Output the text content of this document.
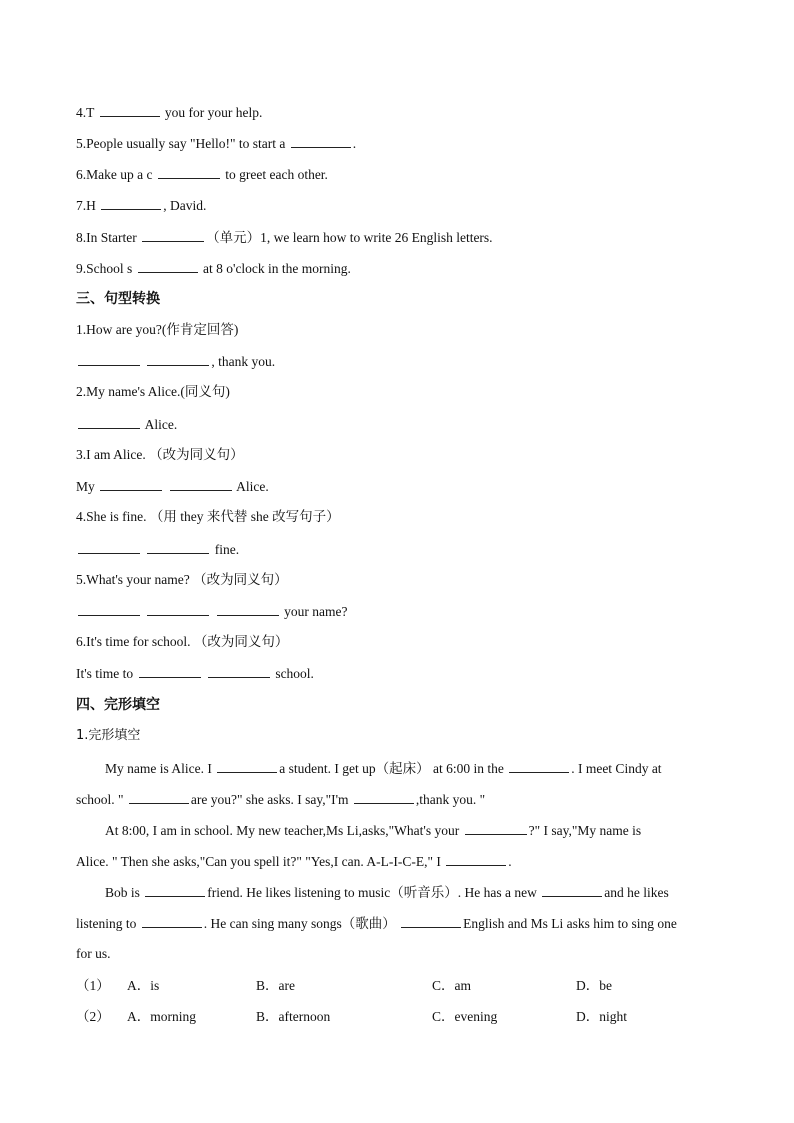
4.T	you for your help.
5.People usually say "Hello!" to start a	.
6.Make up a c	to greet each other.
7.H	, David.
8.In Starter	（单元）1, we learn how to write 26 English letters.
9.School s	at 8 o'clock in the morning.
三、句型转换
1.How are you?(作肯定回答)
, thank you.
2.My name's Alice.(同义句)
Alice.
3.I am Alice. （改为同义句）
My	Alice.
4.She is fine. （用 they 来代替 she 改写句子）
fine.
5.What's your name? （改为同义句）
your name?
6.It's time for school. （改为同义句）
It's time to	school.
四、完形填空
1.完形填空
My name is Alice. I	a student. I get up（起床） at 6:00 in the	. I meet Cindy at
school. "	are you?" she asks. I say,"I'm	,thank you. "
At 8:00, I am in school. My new teacher,Ms Li,asks,"What's your	?" I say,"My name is
Alice. " Then she asks,"Can you spell it?" "Yes,I can. A-L-I-C-E," I	.
Bob is	friend. He likes listening to music（听音乐）. He has a new	and he likes
listening to	. He can sing many songs（歌曲）	English and Ms Li asks him to sing one
for us.
（1） A．is	B．are	C．am	D．be
（2） A．morning	B．afternoon	C．evening	D．night
